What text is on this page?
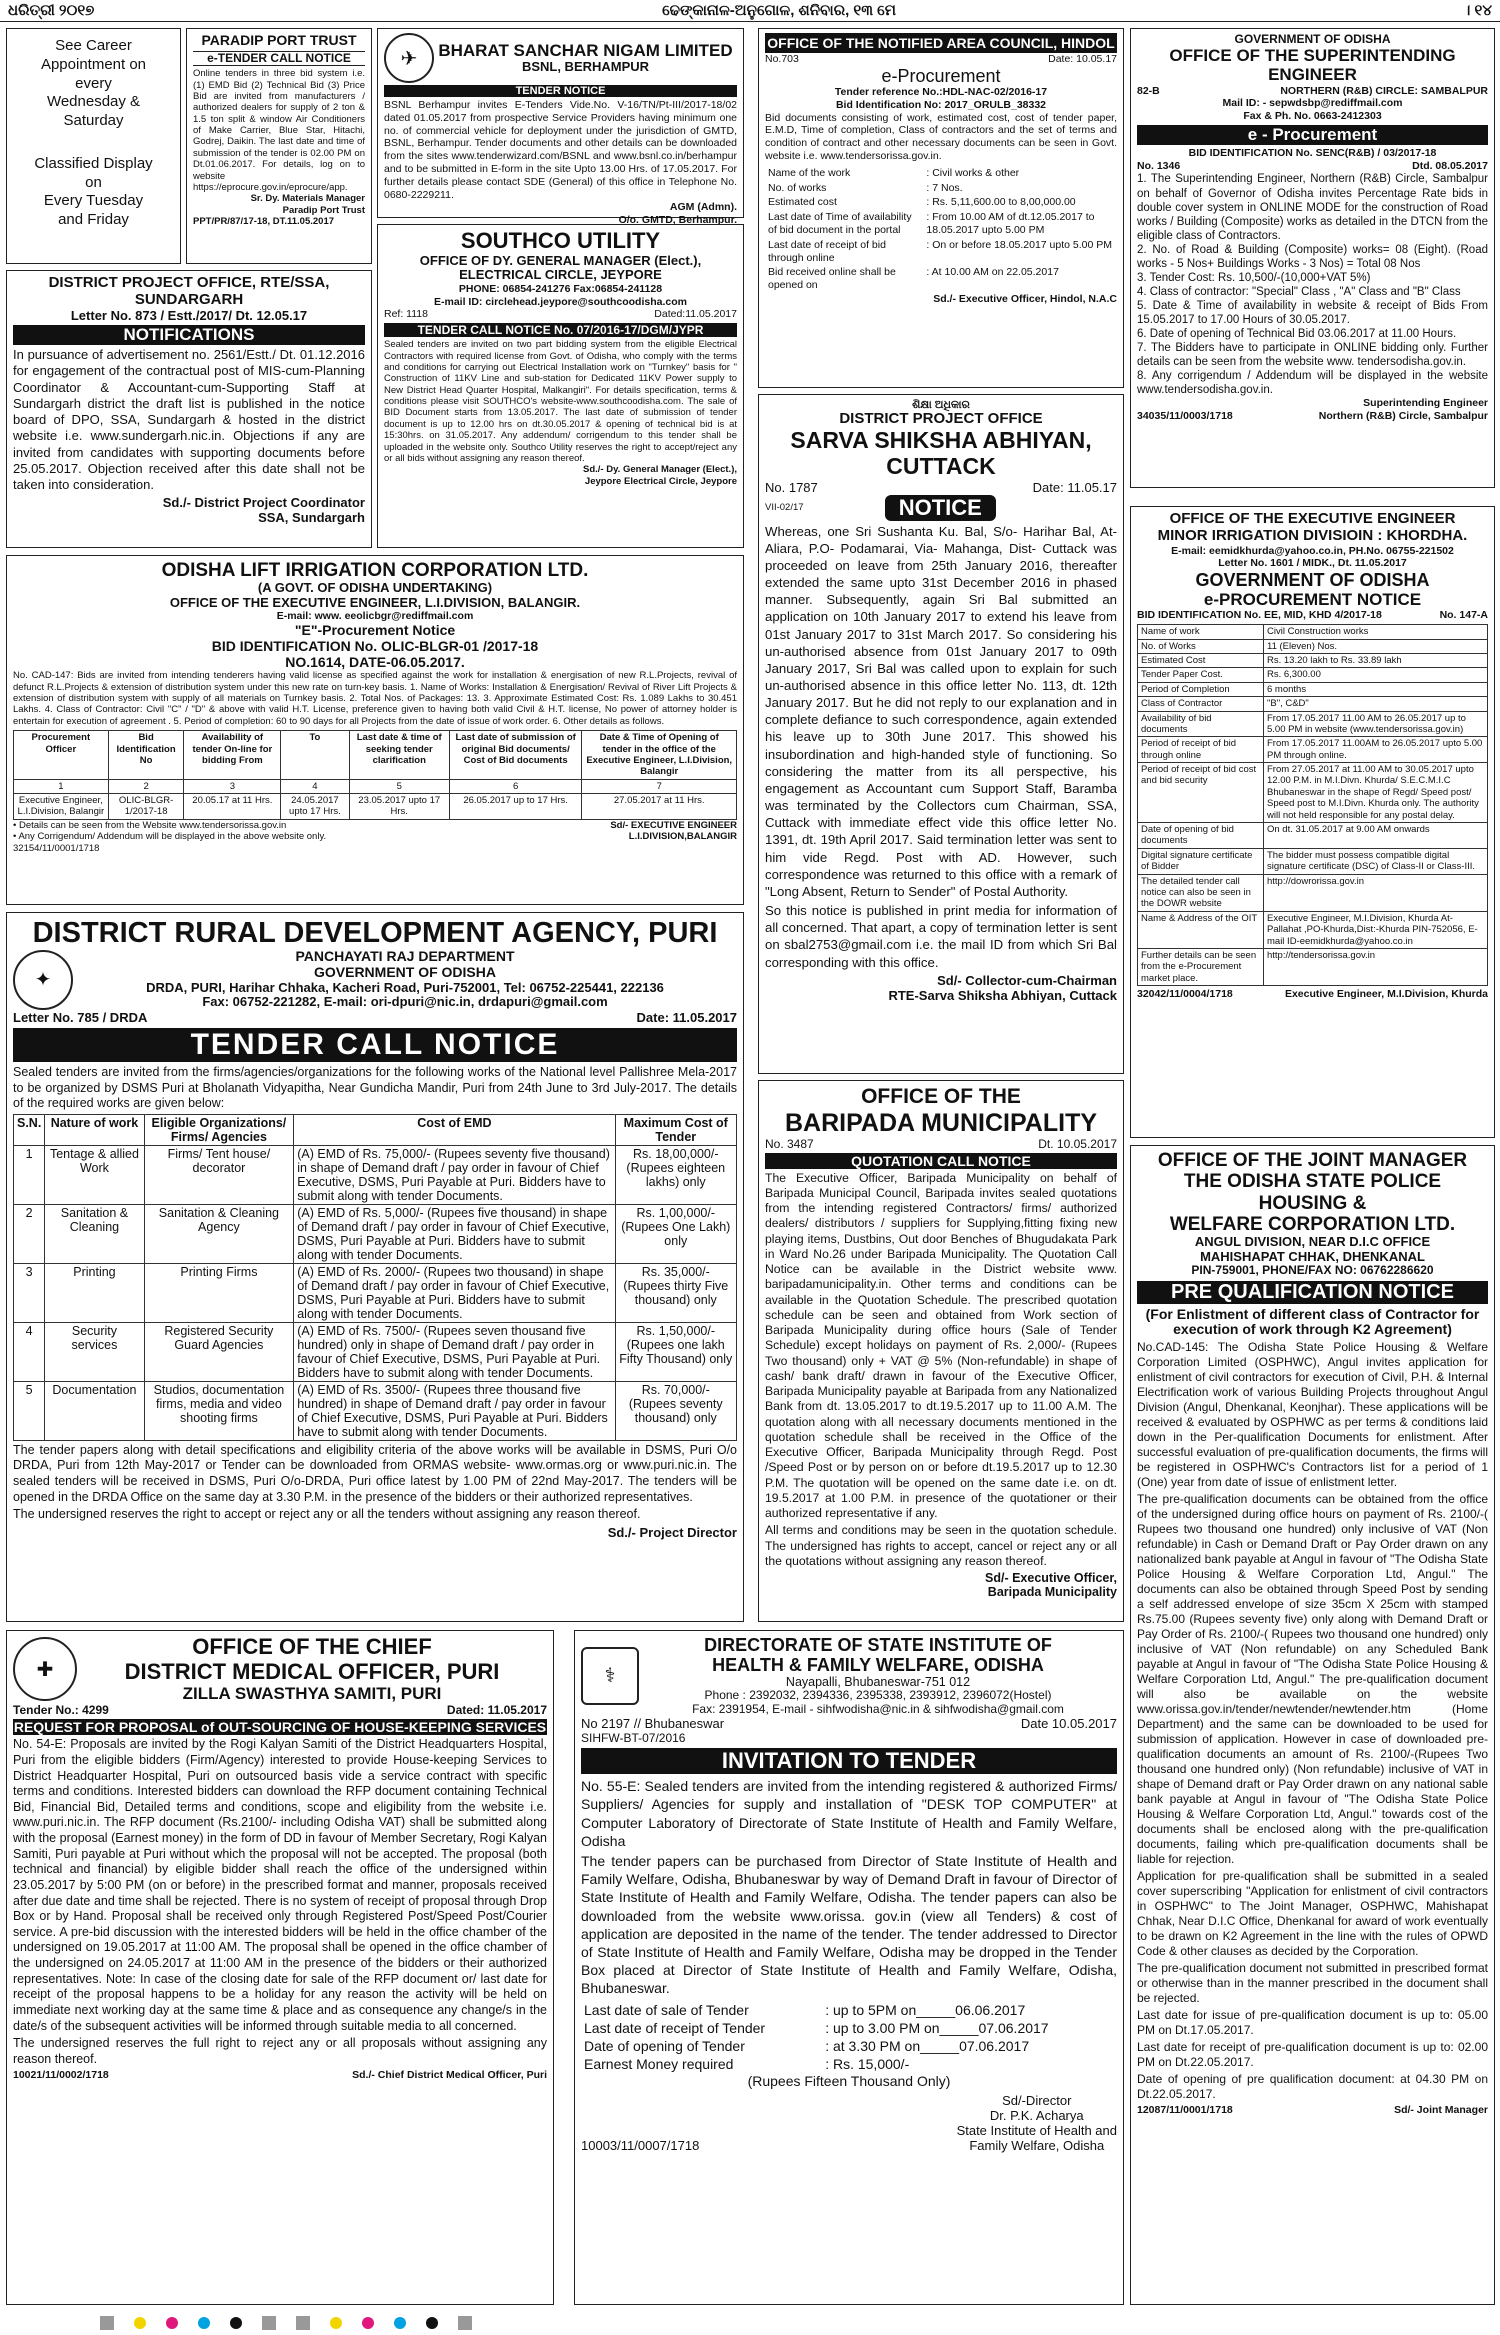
ଧରିତ୍ରୀ ୨୦୧୭	ଢେଙ୍କାନାଳ-ଅନୁଗୋଳ, ଶନିବାର, ୧୩ ମେ	। ୧୪
See Career
Appointment on
every
Wednesday &
Saturday
Classified Display
on
Every Tuesday
and Friday
PARADIP PORT TRUST
e-TENDER CALL NOTICE
Online tenders in three bid system i.e. (1) EMD Bid (2) Technical Bid (3) Price Bid are invited from manufacturers / authorized dealers for supply of 2 ton & 1.5 ton split & window Air Conditioners of Make Carrier, Blue Star, Hitachi, Godrej, Daikin. The last date and time of submission of the tender is 02.00 PM on Dt.01.06.2017. For details, log on to website https://eprocure.gov.in/eprocure/app.
Sr. Dy. Materials Manager
Paradip Port Trust
PPT/PR/87/17-18, DT.11.05.2017
✈	BHARAT SANCHAR NIGAM LIMITED
BSNL, BERHAMPUR
TENDER NOTICE
BSNL Berhampur invites E-Tenders Vide.No. V-16/TN/Pt-III/2017-18/02 dated 01.05.2017 from prospective Service Providers having minimum one no. of commercial vehicle for deployment under the jurisdiction of GMTD, BSNL, Berhampur. Tender documents and other details can be downloaded from the sites www.tenderwizard.com/BSNL and www.bsnl.co.in/berhampur and to be submitted in E-form in the site Upto 13.00 Hrs. of 17.05.2017. For further details please contact SDE (General) of this office in Telephone No. 0680-2229211.
AGM (Admn).
O/o. GMTD, Berhampur.
OFFICE OF THE NOTIFIED AREA COUNCIL, HINDOL
No.703	Date: 10.05.17
e-Procurement
Tender reference No.:HDL-NAC-02/2016-17
Bid Identification No: 2017_ORULB_38332
Bid documents consisting of work, estimated cost, cost of tender paper, E.M.D, Time of completion, Class of contractors and the set of terms and condition of contract and other necessary documents can be seen in Govt. website i.e. www.tendersorissa.gov.in.
Name of the work	: Civil works & other
No. of works	: 7 Nos.
Estimated cost	: Rs. 5,11,600.00 to 8,00,000.00
Last date of Time of availability of bid document in the portal	: From 10.00 AM of dt.12.05.2017 to 18.05.2017 upto 5.00 PM
Last date of receipt of bid through online	: On or before 18.05.2017 upto 5.00 PM
Bid received online shall be opened on	: At 10.00 AM on 22.05.2017
Sd./- Executive Officer, Hindol, N.A.C
GOVERNMENT OF ODISHA
OFFICE OF THE SUPERINTENDING ENGINEER
82-B	NORTHERN (R&B) CIRCLE: SAMBALPUR
Mail ID: - sepwdsbp@rediffmail.com
Fax & Ph. No. 0663-2412303
e - Procurement
BID IDENTIFICATION No. SENC(R&B) / 03/2017-18
No. 1346	Dtd. 08.05.2017
1. The Superintending Engineer, Northern (R&B) Circle, Sambalpur on behalf of Governor of Odisha invites Percentage Rate bids in double cover system in ONLINE MODE for the construction of Road works / Building (Composite) works as detailed in the DTCN from the eligible class of Contractors.
2. No. of Road & Building (Composite) works= 08 (Eight). (Road works - 5 Nos+ Buildings Works - 3 Nos) = Total 08 Nos
3. Tender Cost: Rs. 10,500/-(10,000+VAT 5%)
4. Class of contractor: "Special" Class , "A" Class and "B" Class
5. Date & Time of availability in website & receipt of Bids From 15.05.2017 to 17.00 Hours of 30.05.2017.
6. Date of opening of Technical Bid 03.06.2017 at 11.00 Hours.
7. The Bidders have to participate in ONLINE bidding only. Further details can be seen from the website www. tendersodisha.gov.in.
8. Any corrigendum / Addendum will be displayed in the website www.tendersodisha.gov.in.
Superintending Engineer
34035/11/0003/1718	Northern (R&B) Circle, Sambalpur
DISTRICT PROJECT OFFICE, RTE/SSA, SUNDARGARH
Letter No. 873 / Estt./2017/ Dt. 12.05.17
NOTIFICATIONS
In pursuance of advertisement no. 2561/Estt./ Dt. 01.12.2016 for engagement of the contractual post of MIS-cum-Planning Coordinator & Accountant-cum-Supporting Staff at Sundargarh district the draft list is published in the notice board of DPO, SSA, Sundargarh & hosted in the district website i.e. www.sundergarh.nic.in. Objections if any are invited from candidates with supporting documents before 25.05.2017. Objection received after this date shall not be taken into consideration.
Sd./- District Project Coordinator
SSA, Sundargarh
SOUTHCO UTILITY
OFFICE OF DY. GENERAL MANAGER (Elect.),
ELECTRICAL CIRCLE, JEYPORE
PHONE: 06854-241276 Fax:06854-241128
E-mail ID: circlehead.jeypore@southcoodisha.com
Ref: 1118	Dated:11.05.2017
TENDER CALL NOTICE No. 07/2016-17/DGM/JYPR
Sealed tenders are invited on two part bidding system from the eligible Electrical Contractors with required license from Govt. of Odisha, who comply with the terms and conditions for carrying out Electrical Installation work on "Turnkey" basis for " Construction of 11KV Line and sub-station for Dedicated 11KV Power supply to New District Head Quarter Hospital, Malkangiri". For details specification, terms & conditions please visit SOUTHCO's website-www.southcoodisha.com. The sale of BID Document starts from 13.05.2017. The last date of submission of tender document is up to 12.00 hrs on dt.30.05.2017 & opening of technical bid is at 15:30hrs. on 31.05.2017. Any addendum/ corrigendum to this tender shall be uploaded in the website only. Southco Utility reserves the right to accept/reject any or all bids without assigning any reason thereof.
Sd./- Dy. General Manager (Elect.),
Jeypore Electrical Circle, Jeypore
ଶିକ୍ଷା ଅଧିକାର
DISTRICT PROJECT OFFICE
SARVA SHIKSHA ABHIYAN, CUTTACK
No. 1787	Date: 11.05.17
VII-02/17	NOTICE
Whereas, one Sri Sushanta Ku. Bal, S/o- Harihar Bal, At-Aliara, P.O- Podamarai, Via- Mahanga, Dist- Cuttack was proceeded on leave from 25th January 2016, thereafter extended the same upto 31st December 2016 in phased manner. Subsequently, again Sri Bal submitted an application on 10th January 2017 to extend his leave from 01st January 2017 to 31st March 2017. So considering his un-authorised absence from 01st January 2017 to 09th January 2017, Sri Bal was called upon to explain for such un-authorised absence in this office letter No. 113, dt. 12th January 2017. But he did not reply to our explanation and in complete defiance to such correspondence, again extended his leave up to 30th June 2017. This showed his insubordination and high-handed style of functioning. So considering the matter from its all perspective, his engagement as Accountant cum Support Staff, Baramba was terminated by the Collectors cum Chairman, SSA, Cuttack with immediate effect vide this office letter No. 1391, dt. 19th April 2017. Said termination letter was sent to him vide Regd. Post with AD. However, such correspondence was returned to this office with a remark of "Long Absent, Return to Sender" of Postal Authority.
So this notice is published in print media for information of all concerned. That apart, a copy of termination letter is sent on sbal2753@gmail.com i.e. the mail ID from which Sri Bal corresponding with this office.
Sd/- Collector-cum-Chairman
RTE-Sarva Shiksha Abhiyan, Cuttack
OFFICE OF THE EXECUTIVE ENGINEER
MINOR IRRIGATION DIVISIOIN : KHORDHA.
E-mail: eemidkhurda@yahoo.co.in, PH.No. 06755-221502
Letter No. 1601 / MIDK., Dt. 11.05.2017
GOVERNMENT OF ODISHA
e-PROCUREMENT NOTICE
BID IDENTIFICATION No. EE, MID, KHD 4/2017-18	No. 147-A
Name of work	Civil Construction works
No. of Works	11 (Eleven) Nos.
Estimated Cost	Rs. 13.20 lakh to Rs. 33.89 lakh
Tender Paper Cost.	Rs. 6,300.00
Period of Completion	6 months
Class of Contractor	"B", C&D"
Availability of bid documents	From 17.05.2017 11.00 AM to 26.05.2017 up to 5.00 PM in website (www.tendersorissa.gov.in)
Period of receipt of bid through online	From 17.05.2017 11.00AM to 26.05.2017 upto 5.00 PM through online.
Period of receipt of bid cost and bid security	From 27.05.2017 at 11.00 AM to 30.05.2017 upto 12.00 P.M. in M.I.Divn. Khurda/ S.E.C.M.I.C Bhubaneswar in the shape of Regd/ Speed post/ Speed post to M.I.Divn. Khurda only. The authority will not held responsible for any postal delay.
Date of opening of bid documents	On dt. 31.05.2017 at 9.00 AM onwards
Digital signature certificate of Bidder	The bidder must possess compatible digital signature certificate (DSC) of Class-II or Class-III.
The detailed tender call notice can also be seen in the DOWR website	http://dowrorissa.gov.in
Name & Address of the OIT	Executive Engineer, M.I.Division, Khurda At- Pallahat ,PO-Khurda,Dist:-Khurda PIN-752056, E-mail ID-eemidkhurda@yahoo.co.in
Further details can be seen from the e-Procurement market place.	http://tendersorissa.gov.in
32042/11/0004/1718	Executive Engineer, M.I.Division, Khurda
ODISHA LIFT IRRIGATION CORPORATION LTD.
(A GOVT. OF ODISHA UNDERTAKING)
OFFICE OF THE EXECUTIVE ENGINEER, L.I.DIVISION, BALANGIR.
E-mail: www. eeolicbgr@rediffmail.com
"E"-Procurement Notice
BID IDENTIFICATION No. OLIC-BLGR-01 /2017-18
NO.1614, DATE-06.05.2017.
No. CAD-147: Bids are invited from intending tenderers having valid license as specified against the work for installation & energisation of new R.L.Projects, revival of defunct R.L.Projects & extension of distribution system under this new rate on turn-key basis. 1. Name of Works: Installation & Energisation/ Revival of River Lift Projects & extension of distribution system with supply of all materials on Turnkey basis. 2. Total Nos. of Packages: 13. 3. Approximate Estimated Cost: Rs. 1.089 Lakhs to 30.451 Lakhs. 4. Class of Contractor: Civil "C" / "D" & above with valid H.T. License, preference given to having both valid Civil & H.T. license, No power of attorney holder is entertain for execution of agreement . 5. Period of completion: 60 to 90 days for all Projects from the date of issue of work order. 6. Other details as follows.
Procurement Officer	Bid Identification No	Availability of tender On-line for bidding From	To	Last date & time of seeking tender clarification	Last date of submission of original Bid documents/ Cost of Bid documents	Date & Time of Opening of tender in the office of the Executive Engineer, L.I.Division, Balangir
1	2	3	4	5	6	7
Executive Engineer, L.I.Division, Balangir	OLIC-BLGR-1/2017-18	20.05.17 at 11 Hrs.	24.05.2017 upto 17 Hrs.	23.05.2017 upto 17 Hrs.	26.05.2017 up to 17 Hrs.	27.05.2017 at 11 Hrs.
• Details can be seen from the Website www.tendersorissa.gov.in
• Any Corrigendum/ Addendum will be displayed in the above website only.
32154/11/0001/1718
Sd/- EXECUTIVE ENGINEER
L.I.DIVISION,BALANGIR
DISTRICT RURAL DEVELOPMENT AGENCY, PURI
✦
PANCHAYATI RAJ DEPARTMENT
GOVERNMENT OF ODISHA
DRDA, PURI, Harihar Chhaka, Kacheri Road, Puri-752001, Tel: 06752-225441, 222136
Fax: 06752-221282, E-mail: ori-dpuri@nic.in, drdapuri@gmail.com
Letter No. 785 / DRDA	Date: 11.05.2017
TENDER CALL NOTICE
Sealed tenders are invited from the firms/agencies/organizations for the following works of the National level Pallishree Mela-2017 to be organized by DSMS Puri at Bholanath Vidyapitha, Near Gundicha Mandir, Puri from 24th June to 3rd July-2017. The details of the required works are given below:
S.N.	Nature of work	Eligible Organizations/ Firms/ Agencies	Cost of EMD	Maximum Cost of Tender
1	Tentage & allied Work	Firms/ Tent house/ decorator	(A) EMD of Rs. 75,000/- (Rupees seventy five thousand) in shape of Demand draft / pay order in favour of Chief Executive, DSMS, Puri Payable at Puri. Bidders have to submit along with tender Documents.	Rs. 18,00,000/- (Rupees eighteen lakhs) only
2	Sanitation & Cleaning	Sanitation & Cleaning Agency	(A) EMD of Rs. 5,000/- (Rupees five thousand) in shape of Demand draft / pay order in favour of Chief Executive, DSMS, Puri Payable at Puri. Bidders have to submit along with tender Documents.	Rs. 1,00,000/- (Rupees One Lakh) only
3	Printing	Printing Firms	(A) EMD of Rs. 2000/- (Rupees two thousand) in shape of Demand draft / pay order in favour of Chief Executive, DSMS, Puri Payable at Puri. Bidders have to submit along with tender Documents.	Rs. 35,000/- (Rupees thirty Five thousand) only
4	Security services	Registered Security Guard Agencies	(A) EMD of Rs. 7500/- (Rupees seven thousand five hundred) only in shape of Demand draft / pay order in favour of Chief Executive, DSMS, Puri Payable at Puri. Bidders have to submit along with tender Documents.	Rs. 1,50,000/- (Rupees one lakh Fifty Thousand) only
5	Documentation	Studios, documentation firms, media and video shooting firms	(A) EMD of Rs. 3500/- (Rupees three thousand five hundred) in shape of Demand draft / pay order in favour of Chief Executive, DSMS, Puri Payable at Puri. Bidders have to submit along with tender Documents.	Rs. 70,000/- (Rupees seventy thousand) only
The tender papers along with detail specifications and eligibility criteria of the above works will be available in DSMS, Puri O/o DRDA, Puri from 12th May-2017 or Tender can be downloaded from ORMAS website- www.ormas.org or www.puri.nic.in. The sealed tenders will be received in DSMS, Puri O/o-DRDA, Puri office latest by 1.00 PM of 22nd May-2017. The tenders will be opened in the DRDA Office on the same day at 3.30 P.M. in the presence of the bidders or their authorized representatives.
The undersigned reserves the right to accept or reject any or all the tenders without assigning any reason thereof.
Sd./- Project Director
OFFICE OF THE
BARIPADA MUNICIPALITY
No. 3487	Dt. 10.05.2017
QUOTATION CALL NOTICE
The Executive Officer, Baripada Municipality on behalf of Baripada Municipal Council, Baripada invites sealed quotations from the intending registered Contractors/ firms/ authorized dealers/ distributors / suppliers for Supplying,fitting fixing new playing items, Dustbins, Out door Benches of Bhugudakata Park in Ward No.26 under Baripada Municipality. The Quotation Call Notice can be available in the District website www. baripadamunicipality.in. Other terms and conditions can be available in the Quotation Schedule. The prescribed quotation schedule can be seen and obtained from Work section of Baripada Municipality during office hours (Sale of Tender Schedule) except holidays on payment of Rs. 2,000/- (Rupees Two thousand) only + VAT @ 5% (Non-refundable) in shape of cash/ bank draft/ drawn in favour of the Executive Officer, Baripada Municipality payable at Baripada from any Nationalized Bank from dt. 13.05.2017 to dt.19.5.2017 up to 11.00 A.M. The quotation along with all necessary documents mentioned in the quotation schedule shall be received in the Office of the Executive Officer, Baripada Municipality through Regd. Post /Speed Post or by person on or before dt.19.5.2017 up to 12.30 P.M. The quotation will be opened on the same date i.e. on dt. 19.5.2017 at 1.00 P.M. in presence of the quotationer or their authorized representative if any.
All terms and conditions may be seen in the quotation schedule. The undersigned has rights to accept, cancel or reject any or all the quotations without assigning any reason thereof.
Sd/- Executive Officer,
Baripada Municipality
OFFICE OF THE JOINT MANAGER
THE ODISHA STATE POLICE HOUSING &
WELFARE CORPORATION LTD.
ANGUL DIVISION, NEAR D.I.C OFFICE
MAHISHAPAT CHHAK, DHENKANAL
PIN-759001, PHONE/FAX NO: 06762286620
PRE QUALIFICATION NOTICE
(For Enlistment of different class of Contractor for execution of work through K2 Agreement)
No.CAD-145: The Odisha State Police Housing & Welfare Corporation Limited (OSPHWC), Angul invites application for enlistment of civil contractors for execution of Civil, P.H. & Internal Electrification work of various Building Projects throughout Angul Division (Angul, Dhenkanal, Keonjhar). These applications will be received & evaluated by OSPHWC as per terms & conditions laid down in the Per-qualification Documents for enlistment. After successful evaluation of pre-qualification documents, the firms will be registered in OSPHWC's Contractors list for a period of 1 (One) year from date of issue of enlistment letter.
The pre-qualification documents can be obtained from the office of the undersigned during office hours on payment of Rs. 2100/-( Rupees two thousand one hundred) only inclusive of VAT (Non refundable) in Cash or Demand Draft or Pay Order drawn on any nationalized bank payable at Angul in favour of "The Odisha State Police Housing & Welfare Corporation Ltd, Angul." The documents can also be obtained through Speed Post by sending a self addressed envelope of size 35cm X 25cm with stamped Rs.75.00 (Rupees seventy five) only along with Demand Draft or Pay Order of Rs. 2100/-( Rupees two thousand one hundred) only inclusive of VAT (Non refundable) on any Scheduled Bank payable at Angul in favour of "The Odisha State Police Housing & Welfare Corporation Ltd, Angul." The pre-qualification document will also be available on the website www.orissa.gov.in/tender/newtender/newtender.htm (Home Department) and the same can be downloaded to be used for submission of application. However in case of downloaded pre-qualification documents an amount of Rs. 2100/-(Rupees Two thousand one hundred only) (Non refundable) inclusive of VAT in shape of Demand draft or Pay Order drawn on any national sable bank payable at Angul in favour of "The Odisha State Police Housing & Welfare Corporation Ltd, Angul." towards cost of the documents shall be enclosed along with the pre-qualification documents, failing which pre-qualification documents shall be liable for rejection.
Application for pre-qualification shall be submitted in a sealed cover superscribing "Application for enlistment of civil contractors in OSPHWC" to The Joint Manager, OSPHWC, Mahishapat Chhak, Near D.I.C Office, Dhenkanal for award of work eventually to be drawn on K2 Agreement in the line with the rules of OPWD Code & other clauses as decided by the Corporation.
The pre-qualification document not submitted in prescribed format or otherwise than in the manner prescribed in the document shall be rejected.
Last date for issue of pre-qualification document is up to: 05.00 PM on Dt.17.05.2017.
Last date for receipt of pre-qualification document is up to: 02.00 PM on Dt.22.05.2017.
Date of opening of pre qualification document: at 04.30 PM on Dt.22.05.2017.
12087/11/0001/1718	Sd/- Joint Manager
✚
OFFICE OF THE CHIEF
DISTRICT MEDICAL OFFICER, PURI
ZILLA SWASTHYA SAMITI, PURI
Tender No.: 4299	Dated: 11.05.2017
REQUEST FOR PROPOSAL of OUT-SOURCING OF HOUSE-KEEPING SERVICES
No. 54-E: Proposals are invited by the Rogi Kalyan Samiti of the District Headquarters Hospital, Puri from the eligible bidders (Firm/Agency) interested to provide House-keeping Services to District Headquarter Hospital, Puri on outsourced basis vide a service contract with specific terms and conditions. Interested bidders can download the RFP document containing Technical Bid, Financial Bid, Detailed terms and conditions, scope and eligibility from the website i.e. www.puri.nic.in. The RFP document (Rs.2100/- including Odisha VAT) shall be submitted along with the proposal (Earnest money) in the form of DD in favour of Member Secretary, Rogi Kalyan Samiti, Puri payable at Puri without which the proposal will not be accepted. The proposal (both technical and financial) by eligible bidder shall reach the office of the undersigned within 23.05.2017 by 5:00 PM (on or before) in the prescribed format and manner, proposals received after due date and time shall be rejected. There is no system of receipt of proposal through Drop Box or by Hand. Proposal shall be received only through Registered Post/Speed Post/Courier service. A pre-bid discussion with the interested bidders will be held in the office chamber of the undersigned on 19.05.2017 at 11:00 AM. The proposal shall be opened in the office chamber of the undersigned on 24.05.2017 at 11:00 AM in the presence of the bidders or their authorized representatives. Note: In case of the closing date for sale of the RFP document or/ last date for receipt of the proposal happens to be a holiday for any reason the activity will be held on immediate next working day at the same time & place and as consequence any change/s in the date/s of the subsequent activities will be informed through suitable media to all concerned.
The undersigned reserves the full right to reject any or all proposals without assigning any reason thereof.
10021/11/0002/1718	Sd./- Chief District Medical Officer, Puri
⚕
DIRECTORATE OF STATE INSTITUTE OF
HEALTH & FAMILY WELFARE, ODISHA
Nayapalli, Bhubaneswar-751 012
Phone : 2392032, 2394336, 2395338, 2393912, 2396072(Hostel)
Fax: 2391954, E-mail - sihfwodisha@nic.in & sihfwodisha@gmail.com
No 2197 // Bhubaneswar	Date 10.05.2017
SIHFW-BT-07/2016
INVITATION TO TENDER
No. 55-E: Sealed tenders are invited from the intending registered & authorized Firms/ Suppliers/ Agencies for supply and installation of "DESK TOP COMPUTER" at Computer Laboratory of Directorate of State Institute of Health and Family Welfare, Odisha
The tender papers can be purchased from Director of State Institute of Health and Family Welfare, Odisha, Bhubaneswar by way of Demand Draft in favour of Director of State Institute of Health and Family Welfare, Odisha. The tender papers can also be downloaded from the website www.orissa. gov.in (view all Tenders) & cost of application are deposited in the name of the tender. The tender addressed to Director of State Institute of Health and Family Welfare, Odisha may be dropped in the Tender Box placed at Director of State Institute of Health and Family Welfare, Odisha, Bhubaneswar.
Last date of sale of Tender	: up to 5PM on_____06.06.2017
Last date of receipt of Tender	: up to 3.00 PM on_____07.06.2017
Date of opening of Tender	: at 3.30 PM on_____07.06.2017
Earnest Money required	: Rs. 15,000/-
(Rupees Fifteen Thousand Only)
10003/11/0007/1718
Sd/-Director
Dr. P.K. Acharya
State Institute of Health and
Family Welfare, Odisha
